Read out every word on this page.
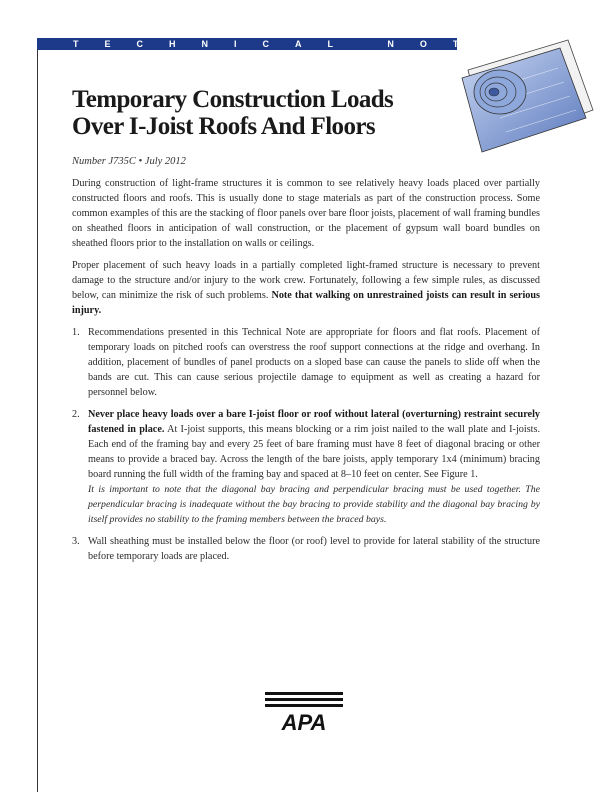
TECHNICAL NOTE
Temporary Construction Loads
Over I-Joist Roofs And Floors
Number J735C • July 2012

During construction of light-frame structures it is common to see relatively heavy loads placed over partially constructed floors and roofs. This is usually done to stage materials as part of the construction process. Some common examples of this are the stacking of floor panels over bare floor joists, placement of wall framing bundles on sheathed floors in anticipation of wall construction, or the placement of gypsum wall board bundles on sheathed floors prior to the installation on walls or ceilings.

Proper placement of such heavy loads in a partially completed light-framed structure is necessary to prevent damage to the structure and/or injury to the work crew. Fortunately, following a few simple rules, as discussed below, can minimize the risk of such problems. Note that walking on unrestrained joists can result in serious injury.

1. Recommendations presented in this Technical Note are appropriate for floors and flat roofs. Placement of temporary loads on pitched roofs can overstress the roof support connections at the ridge and overhang. In addition, placement of bundles of panel products on a sloped base can cause the panels to slide off when the bands are cut. This can cause serious projectile damage to equipment as well as creating a hazard for personnel below.
2. Never place heavy loads over a bare I-joist floor or roof without lateral (overturning) restraint securely fastened in place. At I-joist supports, this means blocking or a rim joist nailed to the wall plate and I-joists. Each end of the framing bay and every 25 feet of bare framing must have 8 feet of diagonal bracing or other means to provide a braced bay. Across the length of the bare joists, apply temporary 1x4 (minimum) bracing board running the full width of the framing bay and spaced at 8–10 feet on center. See Figure 1.

It is important to note that the diagonal bay bracing and perpendicular bracing must be used together. The perpendicular bracing is inadequate without the bay bracing to provide stability and the diagonal bay bracing by itself provides no stability to the framing members between the braced bays.

3. Wall sheathing must be installed below the floor (or roof) level to provide for lateral stability of the structure before temporary loads are placed.
APA
